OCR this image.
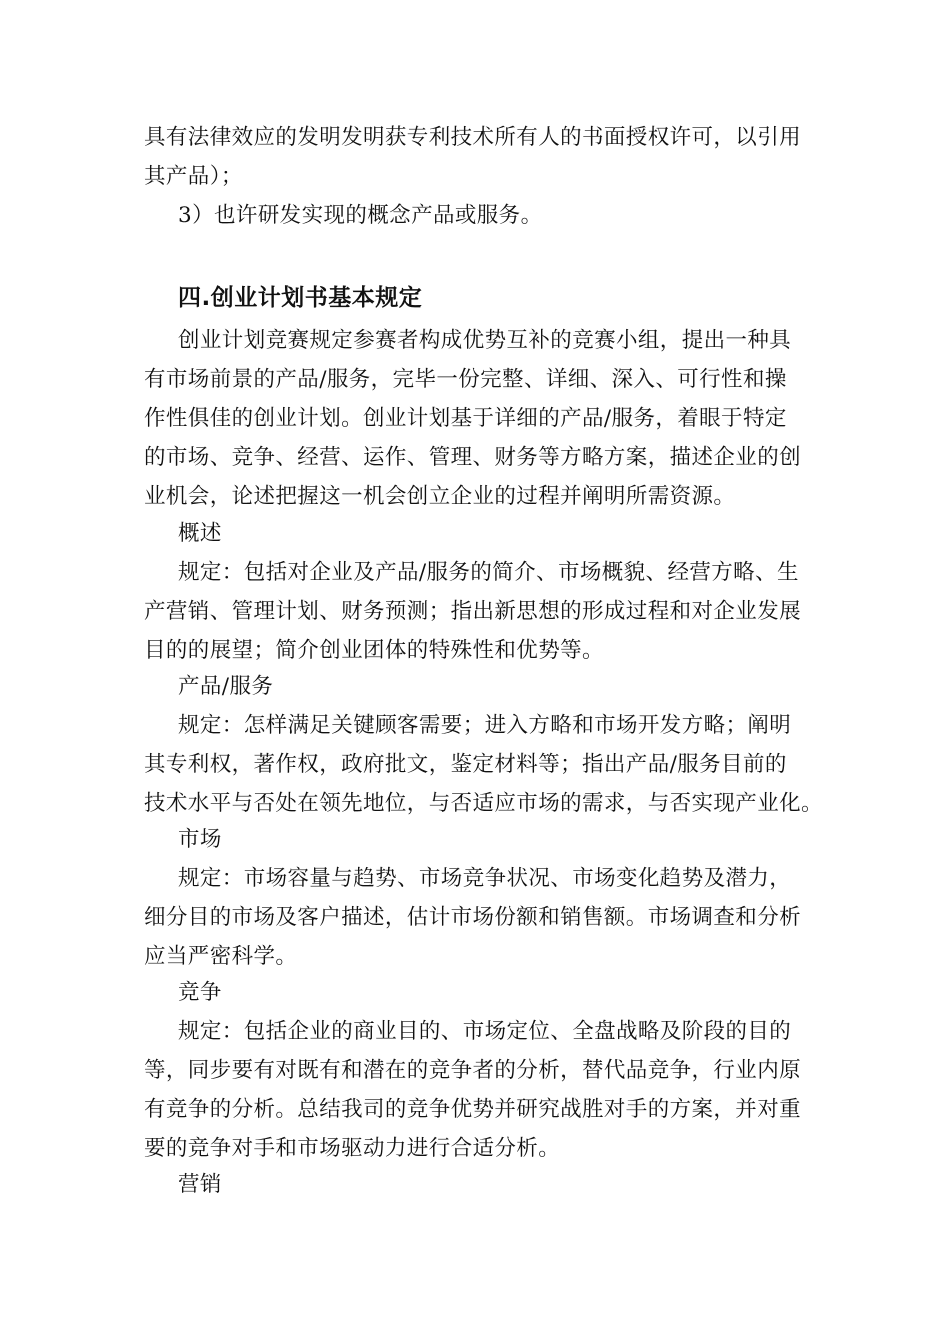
具有法律效应的发明发明获专利技术所有人的书面授权许可，以引用
其产品）；
3）也许研发实现的概念产品或服务。
四.创业计划书基本规定
创业计划竞赛规定参赛者构成优势互补的竞赛小组，提出一种具
有市场前景的产品/服务，完毕一份完整、详细、深入、可行性和操
作性俱佳的创业计划。创业计划基于详细的产品/服务，着眼于特定
的市场、竞争、经营、运作、管理、财务等方略方案，描述企业的创
业机会，论述把握这一机会创立企业的过程并阐明所需资源。
概述
规定：包括对企业及产品/服务的简介、市场概貌、经营方略、生
产营销、管理计划、财务预测；指出新思想的形成过程和对企业发展
目的的展望；简介创业团体的特殊性和优势等。
产品/服务
规定：怎样满足关键顾客需要；进入方略和市场开发方略；阐明
其专利权，著作权，政府批文，鉴定材料等；指出产品/服务目前的
技术水平与否处在领先地位，与否适应市场的需求，与否实现产业化。
市场
规定：市场容量与趋势、市场竞争状况、市场变化趋势及潜力，
细分目的市场及客户描述，估计市场份额和销售额。市场调查和分析
应当严密科学。
竞争
规定：包括企业的商业目的、市场定位、全盘战略及阶段的目的
等，同步要有对既有和潜在的竞争者的分析，替代品竞争，行业内原
有竞争的分析。总结我司的竞争优势并研究战胜对手的方案，并对重
要的竞争对手和市场驱动力进行合适分析。
营销
